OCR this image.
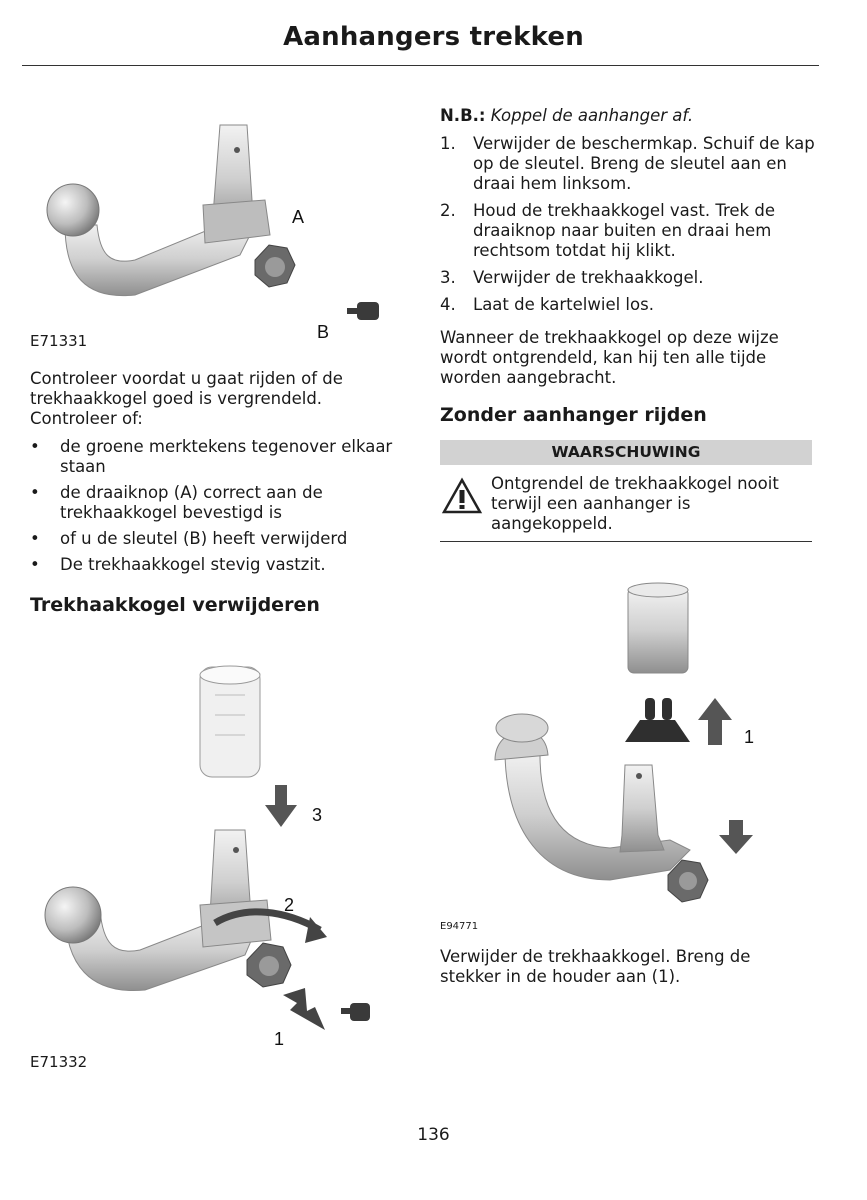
Aanhangers trekken
A
B
E71331

Controleer voordat u gaat rijden of de trekhaakkogel goed is vergrendeld. Controleer of:

• de groene merktekens tegenover elkaar staan
• de draaiknop (A) correct aan de trekhaakkogel bevestigd is
• of u de sleutel (B) heeft verwijderd
• De trekhaakkogel stevig vastzit.
Trekhaakkogel verwijderen
3
2
1
E71332

N.B.: Koppel de aanhanger af.

1. Verwijder de beschermkap. Schuif de kap op de sleutel. Breng de sleutel aan en draai hem linksom.
2. Houd de trekhaakkogel vast. Trek de draaiknop naar buiten en draai hem rechtsom totdat hij klikt.
3. Verwijder de trekhaakkogel.
4. Laat de kartelwiel los.

Wanneer de trekhaakkogel op deze wijze wordt ontgrendeld, kan hij ten alle tijde worden aangebracht.

Zonder aanhanger rijden
WAARSCHUWING
Ontgrendel de trekhaakkogel nooit terwijl een aanhanger is aangekoppeld.
1
E94771

Verwijder de trekhaakkogel. Breng de stekker in de houder aan (1).

136
